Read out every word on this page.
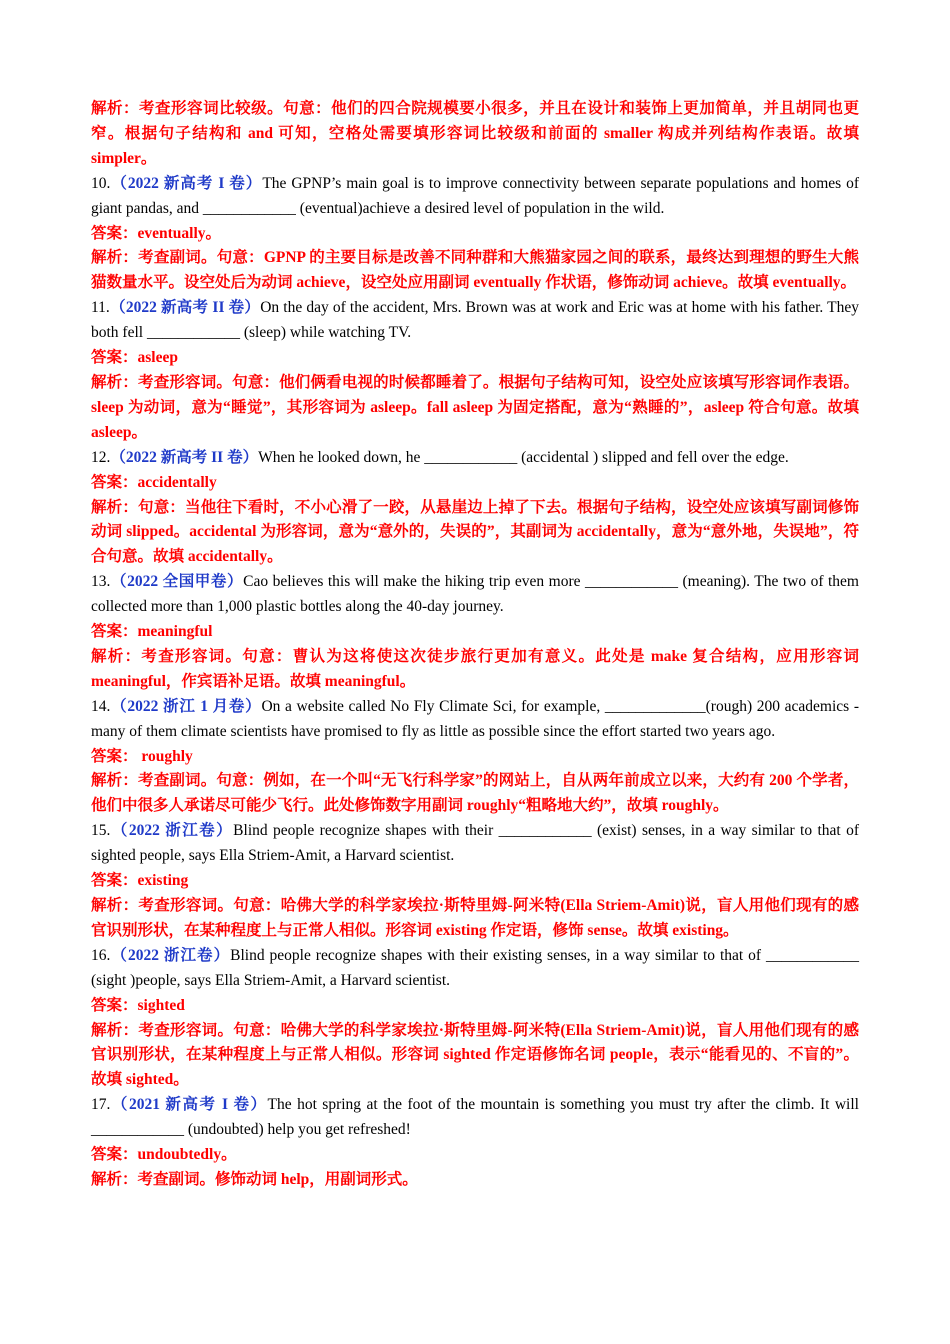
解析：考查形容词比较级。句意：他们的四合院规模要小很多，并且在设计和装饰上更加简单，并且胡同也更窄。根据句子结构和 and 可知，空格处需要填形容词比较级和前面的 smaller 构成并列结构作表语。故填 simpler。

10.（2022 新高考 I 卷）The GPNP’s main goal is to improve connectivity between separate populations and homes of giant pandas, and ____________ (eventual)achieve a desired level of population in the wild.

答案：eventually。

解析：考查副词。句意：GPNP 的主要目标是改善不同种群和大熊猫家园之间的联系，最终达到理想的野生大熊猫数量水平。设空处后为动词 achieve，设空处应用副词 eventually 作状语，修饰动词 achieve。故填 eventually。

11.（2022 新高考 II 卷）On the day of the accident, Mrs. Brown was at work and Eric was at home with his father. They both fell ____________ (sleep) while watching TV.

答案：asleep

解析：考查形容词。句意：他们俩看电视的时候都睡着了。根据句子结构可知，设空处应该填写形容词作表语。sleep 为动词，意为“睡觉”，其形容词为 asleep。fall asleep 为固定搭配，意为“熟睡的”，asleep 符合句意。故填 asleep。

12.（2022 新高考 II 卷）When he looked down, he ____________ (accidental ) slipped and fell over the edge.

答案：accidentally

解析：句意：当他往下看时，不小心滑了一跤，从悬崖边上掉了下去。根据句子结构，设空处应该填写副词修饰动词 slipped。accidental 为形容词，意为“意外的，失误的”，其副词为 accidentally，意为“意外地，失误地”，符合句意。故填 accidentally。

13.（2022 全国甲卷）Cao believes this will make the hiking trip even more ____________ (meaning). The two of them collected more than 1,000 plastic bottles along the 40-day journey.

答案：meaningful

解析：考查形容词。句意：曹认为这将使这次徒步旅行更加有意义。此处是 make 复合结构，应用形容词 meaningful，作宾语补足语。故填 meaningful。

14.（2022 浙江 1 月卷）On a website called No Fly Climate Sci, for example, _____________(rough) 200 academics - many of them climate scientists have promised to fly as little as possible since the effort started two years ago.

答案： roughly

解析：考查副词。句意：例如，在一个叫“无飞行科学家”的网站上，自从两年前成立以来，大约有 200 个学者，他们中很多人承诺尽可能少飞行。此处修饰数字用副词 roughly“粗略地大约”，故填 roughly。

15.（2022 浙江卷）Blind people recognize shapes with their ____________ (exist) senses, in a way similar to that of sighted people, says Ella Striem-Amit, a Harvard scientist.

答案：existing

解析：考查形容词。句意：哈佛大学的科学家埃拉·斯特里姆-阿米特(Ella Striem-Amit)说，盲人用他们现有的感官识别形状，在某种程度上与正常人相似。形容词 existing 作定语，修饰 sense。故填 existing。

16.（2022 浙江卷）Blind people recognize shapes with their existing senses, in a way similar to that of ____________ (sight )people, says Ella Striem-Amit, a Harvard scientist.

答案：sighted

解析：考查形容词。句意：哈佛大学的科学家埃拉·斯特里姆-阿米特(Ella Striem-Amit)说，盲人用他们现有的感官识别形状，在某种程度上与正常人相似。形容词 sighted 作定语修饰名词 people，表示“能看见的、不盲的”。故填 sighted。

17.（2021 新高考 I 卷）The hot spring at the foot of the mountain is something you must try after the climb. It will ____________ (undoubted) help you get refreshed!

答案：undoubtedly。

解析：考查副词。修饰动词 help，用副词形式。
